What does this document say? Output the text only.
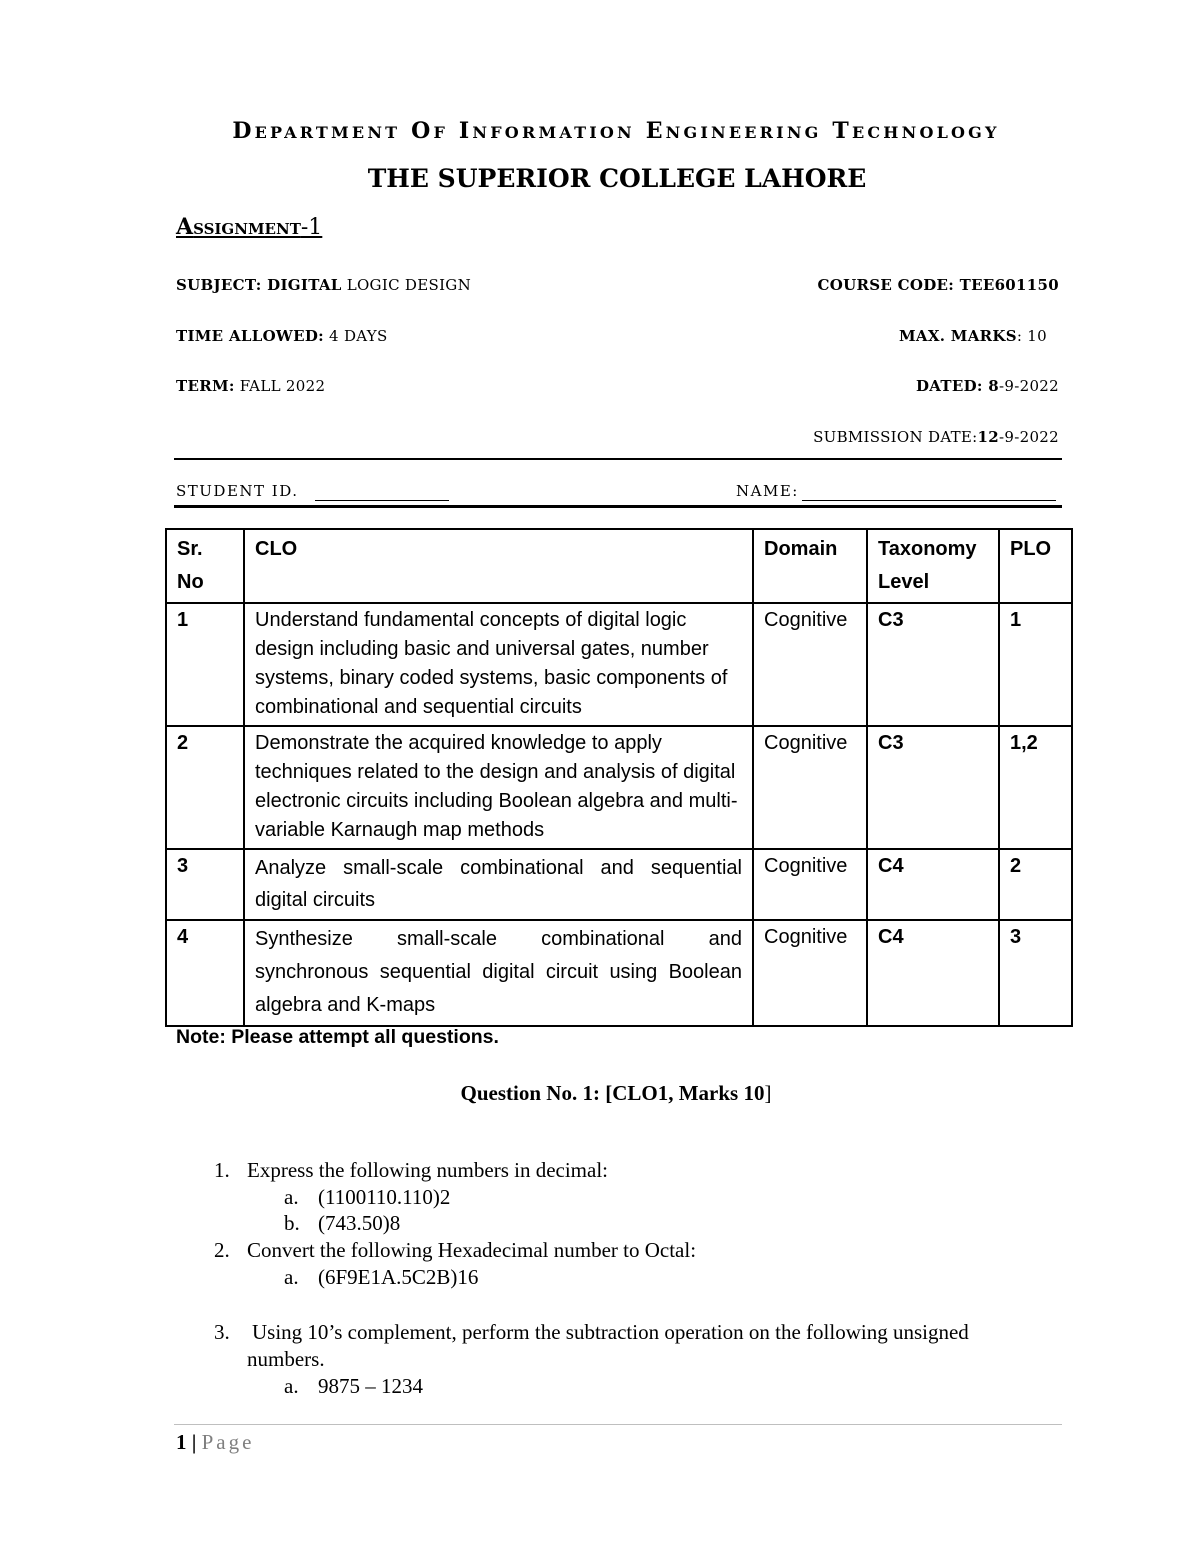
DEPARTMENT OF INFORMATION ENGINEERING TECHNOLOGY
THE SUPERIOR COLLEGE LAHORE
ASSIGNMENT-1
SUBJECT: DIGITAL LOGIC DESIGN	COURSE CODE: TEE601150
TIME ALLOWED: 4 DAYS	MAX. MARKS: 10
TERM: FALL 2022	DATED: 8-9-2022
SUBMISSION DATE:12-9-2022
STUDENT ID.	NAME:
Sr. No	CLO	Domain	Taxonomy Level	PLO
1	Understand fundamental concepts of digital logic design including basic and universal gates, number systems, binary coded systems, basic components of combinational and sequential circuits	Cognitive	C3	1
2	Demonstrate the acquired knowledge to apply techniques related to the design and analysis of digital electronic circuits including Boolean algebra and multi-variable Karnaugh map methods	Cognitive	C3	1,2
3	Analyze small-scale combinational and sequential digital circuits	Cognitive	C4	2
4	Synthesize small-scale combinational and synchronous sequential digital circuit using Boolean algebra and K-maps	Cognitive	C4	3
Note: Please attempt all questions.
Question No. 1: [CLO1, Marks 10]
1. Express the following numbers in decimal:
a. (1100110.110)2
b. (743.50)8
2. Convert the following Hexadecimal number to Octal:
a. (6F9E1A.5C2B)16
3. Using 10’s complement, perform the subtraction operation on the following unsigned
numbers.
a. 9875 – 1234
1 | Page
